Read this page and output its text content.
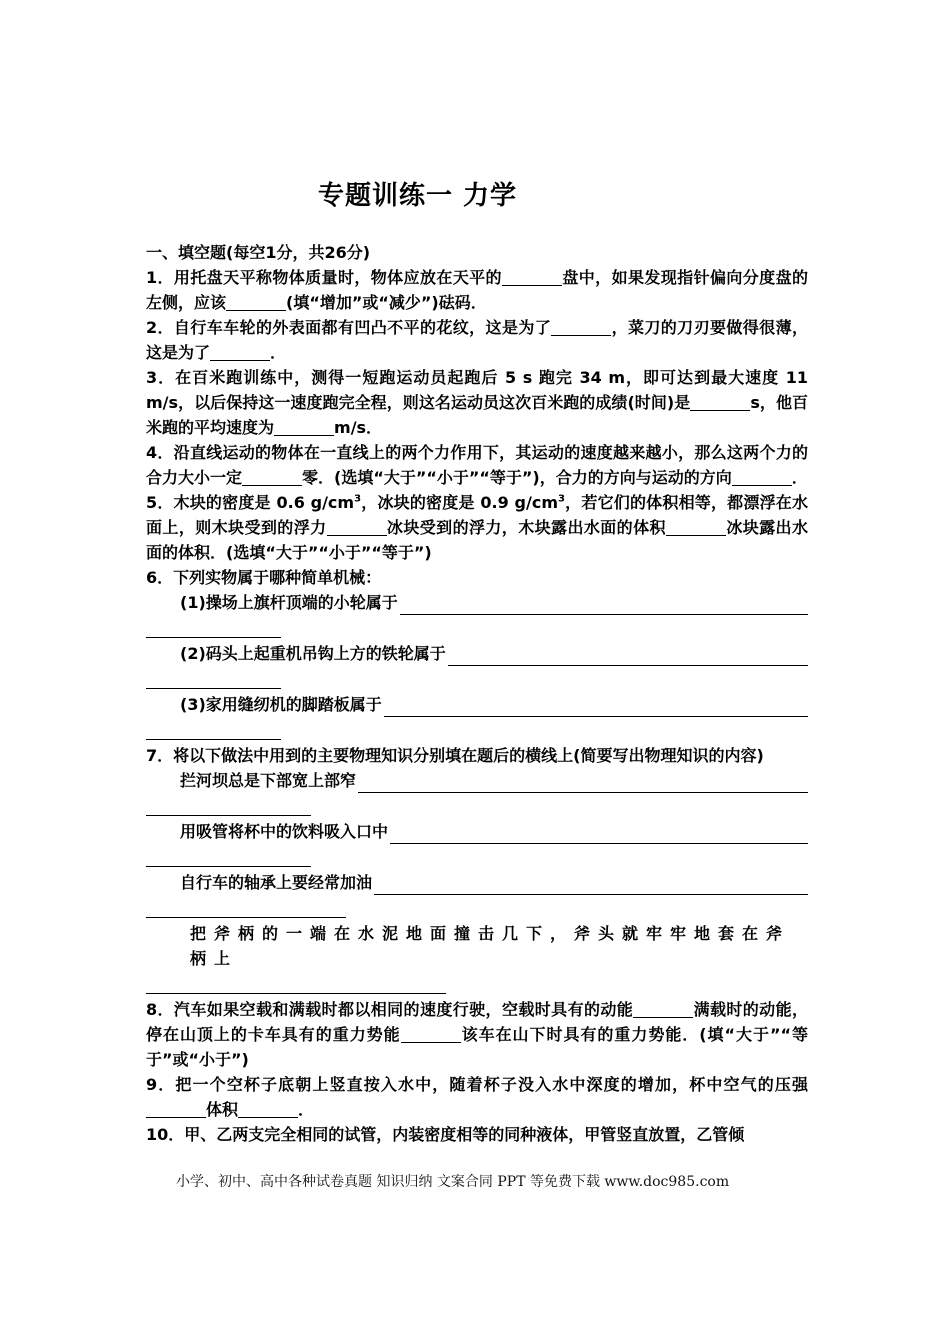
专题训练一 力学

一、填空题(每空1分，共26分)

1．用托盘天平称物体质量时，物体应放在天平的	盘中，如果发现指针偏向分度盘的左侧，应该	(填“增加”或“减少”)砝码．

2．自行车车轮的外表面都有凹凸不平的花纹，这是为了	，菜刀的刀刃要做得很薄，这是为了	．

3．在百米跑训练中，测得一短跑运动员起跑后 5 s 跑完 34 m，即可达到最大速度 11 m/s，以后保持这一速度跑完全程，则这名运动员这次百米跑的成绩(时间)是	s，他百米跑的平均速度为	m/s．

4．沿直线运动的物体在一直线上的两个力作用下，其运动的速度越来越小，那么这两个力的合力大小一定	零．(选填“大于”“小于”“等于”)，合力的方向与运动的方向	．

5．木块的密度是 0.6 $g/cm^3$，冰块的密度是 0.9 $g/cm^3$，若它们的体积相等，都漂浮在水面上，则木块受到的浮力	冰块受到的浮力，木块露出水面的体积	冰块露出水面的体积．(选填“大于”“小于”“等于”)

6．下列实物属于哪种简单机械：

(1)操场上旗杆顶端的小轮属于
(2)码头上起重机吊钩上方的铁轮属于
(3)家用缝纫机的脚踏板属于

7．将以下做法中用到的主要物理知识分别填在题后的横线上(简要写出物理知识的内容)

拦河坝总是下部宽上部窄
用吸管将杯中的饮料吸入口中
自行车的轴承上要经常加油

把斧柄的一端在水泥地面撞击几下，斧头就牢牢地套在斧柄上

8．汽车如果空载和满载时都以相同的速度行驶，空载时具有的动能	满载时的动能，停在山顶上的卡车具有的重力势能	该车在山下时具有的重力势能．(填“大于”“等于”或“小于”)

9．把一个空杯子底朝上竖直按入水中，随着杯子没入水中深度的增加，杯中空气的压强体积	．

10．甲、乙两支完全相同的试管，内装密度相等的同种液体，甲管竖直放置，乙管倾

小学、初中、高中各种试卷真题 知识归纳 文案合同 PPT 等免费下载 www.doc985.com
